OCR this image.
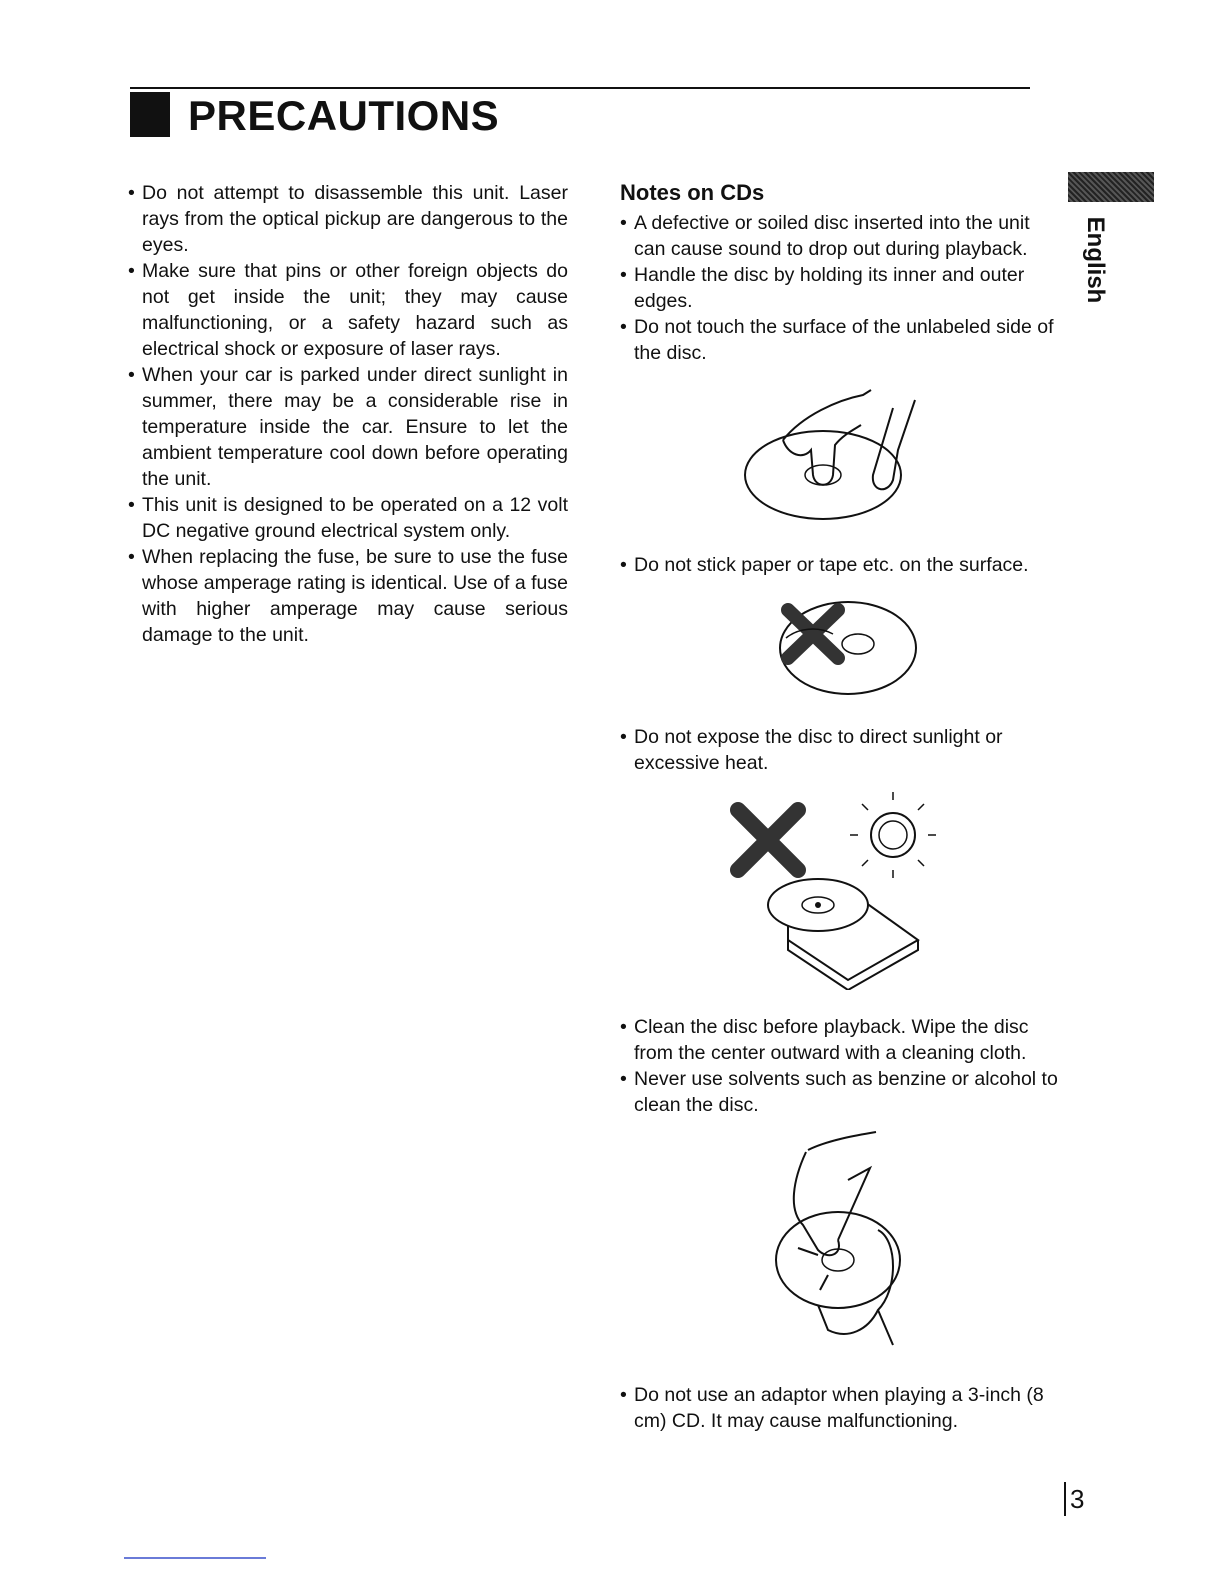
PRECAUTIONS
English
• Do not attempt to disassemble this unit. Laser rays from the optical pickup are dangerous to the eyes.
• Make sure that pins or other foreign objects do not get inside the unit; they may cause malfunctioning, or a safety hazard such as electrical shock or exposure of laser rays.
• When your car is parked under direct sunlight in summer, there may be a considerable rise in temperature inside the car. Ensure to let the ambient temperature cool down before operating the unit.
• This unit is designed to be operated on a 12 volt DC negative ground electrical system only.
• When replacing the fuse, be sure to use the fuse whose amperage rating is identical. Use of a fuse with higher amperage may cause serious damage to the unit.
Notes on CDs
• A defective or soiled disc inserted into the unit can cause sound to drop out during playback.
• Handle the disc by holding its inner and outer edges.
• Do not touch the surface of the unlabeled side of the disc.
• Do not stick paper or tape etc. on the surface.
• Do not expose the disc to direct sunlight or excessive heat.
• Clean the disc before playback. Wipe the disc from the center outward with a cleaning cloth.
• Never use solvents such as benzine or alcohol to clean the disc.
• Do not use an adaptor when playing a 3-inch (8 cm) CD. It may cause malfunctioning.
3
